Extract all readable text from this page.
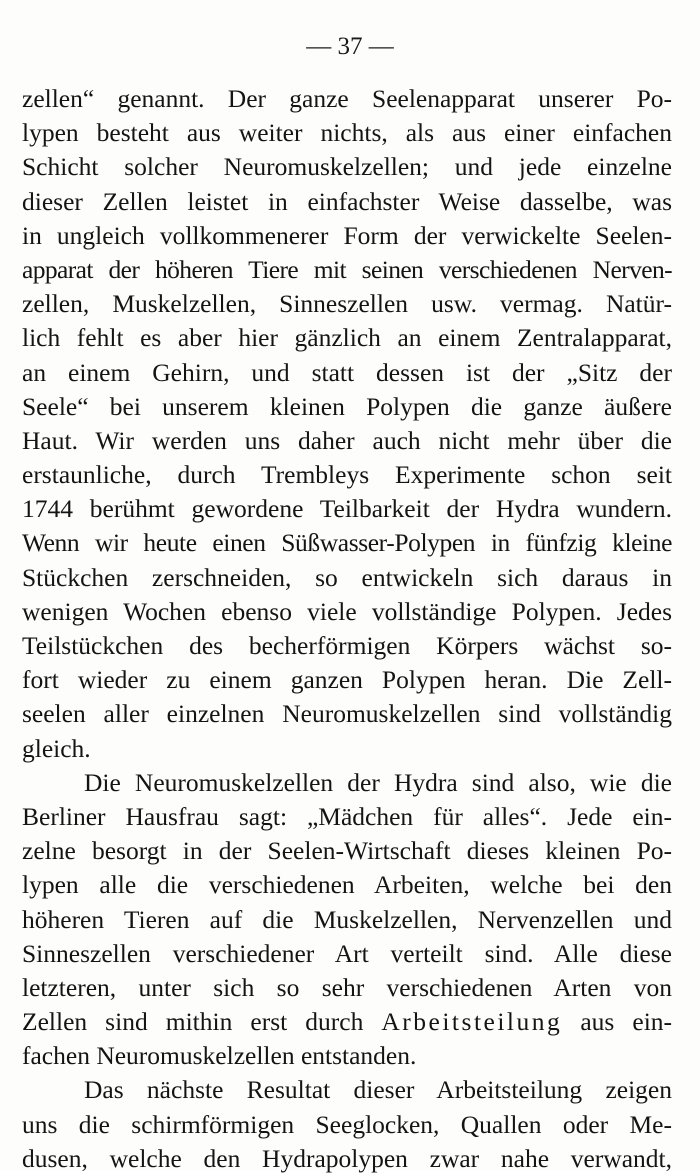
— 37 —
zellen“ genannt. Der ganze Seelenapparat unserer Po-
lypen besteht aus weiter nichts, als aus einer einfachen
Schicht solcher Neuromuskelzellen; und jede einzelne
dieser Zellen leistet in einfachster Weise dasselbe, was
in ungleich vollkommenerer Form der verwickelte Seelen-
apparat der höheren Tiere mit seinen verschiedenen Nerven-
zellen, Muskelzellen, Sinneszellen usw. vermag. Natür-
lich fehlt es aber hier gänzlich an einem Zentralapparat,
an einem Gehirn, und statt dessen ist der „Sitz der
Seele“ bei unserem kleinen Polypen die ganze äußere
Haut. Wir werden uns daher auch nicht mehr über die
erstaunliche, durch Trembleys Experimente schon seit
1744 berühmt gewordene Teilbarkeit der Hydra wundern.
Wenn wir heute einen Süßwasser-Polypen in fünfzig kleine
Stückchen zerschneiden, so entwickeln sich daraus in
wenigen Wochen ebenso viele vollständige Polypen. Jedes
Teilstückchen des becherförmigen Körpers wächst so-
fort wieder zu einem ganzen Polypen heran. Die Zell-
seelen aller einzelnen Neuromuskelzellen sind vollständig
gleich.
Die Neuromuskelzellen der Hydra sind also, wie die
Berliner Hausfrau sagt: „Mädchen für alles“. Jede ein-
zelne besorgt in der Seelen-Wirtschaft dieses kleinen Po-
lypen alle die verschiedenen Arbeiten, welche bei den
höheren Tieren auf die Muskelzellen, Nervenzellen und
Sinneszellen verschiedener Art verteilt sind. Alle diese
letzteren, unter sich so sehr verschiedenen Arten von
Zellen sind mithin erst durch Arbeitsteilung aus ein-
fachen Neuromuskelzellen entstanden.
Das nächste Resultat dieser Arbeitsteilung zeigen
uns die schirmförmigen Seeglocken, Quallen oder Me-
dusen, welche den Hydrapolypen zwar nahe verwandt,
